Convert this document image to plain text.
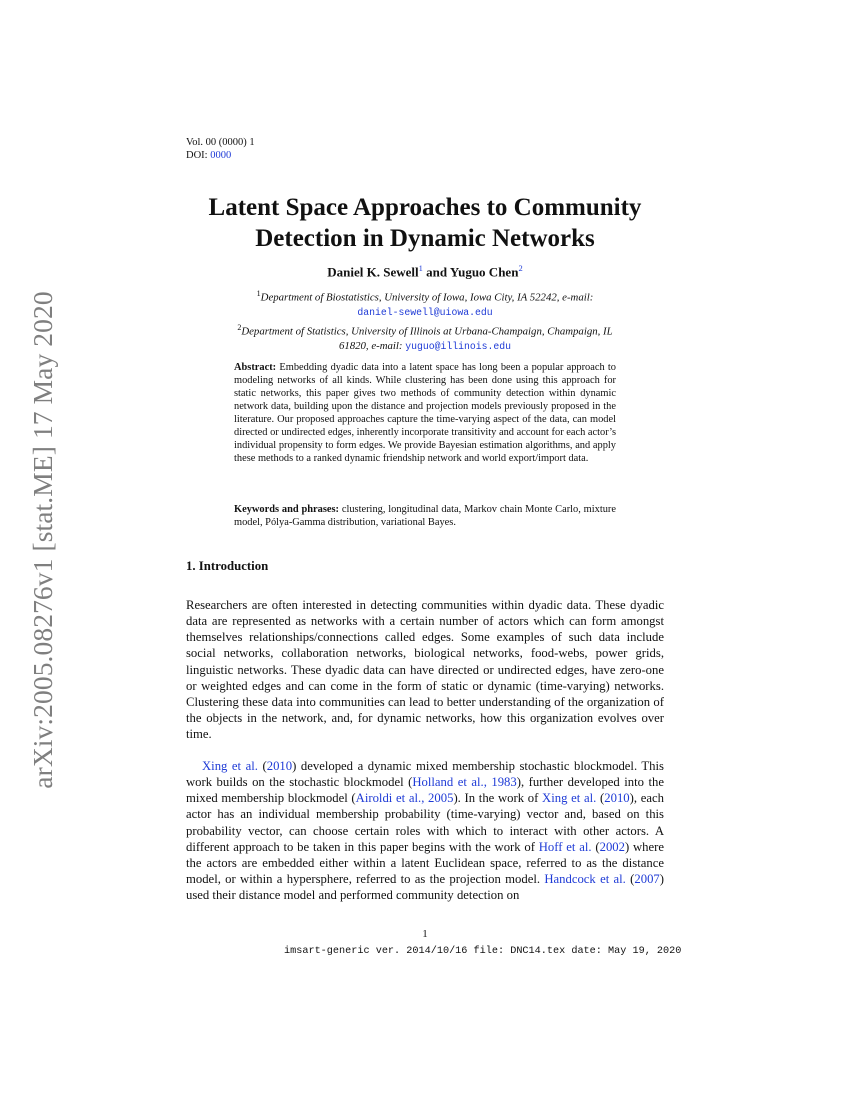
arXiv:2005.08276v1 [stat.ME] 17 May 2020
Vol. 00 (0000) 1
DOI: 0000
Latent Space Approaches to Community
Detection in Dynamic Networks
Daniel K. Sewell$^1$ and Yuguo Chen$^2$
$^1$Department of Biostatistics, University of Iowa, Iowa City, IA 52242, e-mail:
daniel-sewell@uiowa.edu
$^2$Department of Statistics, University of Illinois at Urbana-Champaign, Champaign, IL
61820, e-mail: yuguo@illinois.edu
Abstract: Embedding dyadic data into a latent space has long been a popular approach to modeling networks of all kinds. While clustering has been done using this approach for static networks, this paper gives two methods of community detection within dynamic network data, building upon the distance and projection models previously proposed in the literature. Our proposed approaches capture the time-varying aspect of the data, can model directed or undirected edges, inherently incorporate transitivity and account for each actor’s individual propensity to form edges. We provide Bayesian estimation algorithms, and apply these methods to a ranked dynamic friendship network and world export/import data.
Keywords and phrases: clustering, longitudinal data, Markov chain Monte Carlo, mixture model, Pólya-Gamma distribution, variational Bayes.
1. Introduction

Researchers are often interested in detecting communities within dyadic data. These dyadic data are represented as networks with a certain number of actors which can form amongst themselves relationships/connections called edges. Some examples of such data include social networks, collaboration networks, biological networks, food-webs, power grids, linguistic networks. These dyadic data can have directed or undirected edges, have zero-one or weighted edges and can come in the form of static or dynamic (time-varying) networks. Clustering these data into communities can lead to better understanding of the organization of the objects in the network, and, for dynamic networks, how this organization evolves over time.

Xing et al. (2010) developed a dynamic mixed membership stochastic blockmodel. This work builds on the stochastic blockmodel (Holland et al., 1983), further developed into the mixed membership blockmodel (Airoldi et al., 2005). In the work of Xing et al. (2010), each actor has an individual membership probability (time-varying) vector and, based on this probability vector, can choose certain roles with which to interact with other actors. A different approach to be taken in this paper begins with the work of Hoff et al. (2002) where the actors are embedded either within a latent Euclidean space, referred to as the distance model, or within a hypersphere, referred to as the projection model. Handcock et al. (2007) used their distance model and performed community detection on

1
imsart-generic ver. 2014/10/16 file: DNC14.tex date: May 19, 2020
